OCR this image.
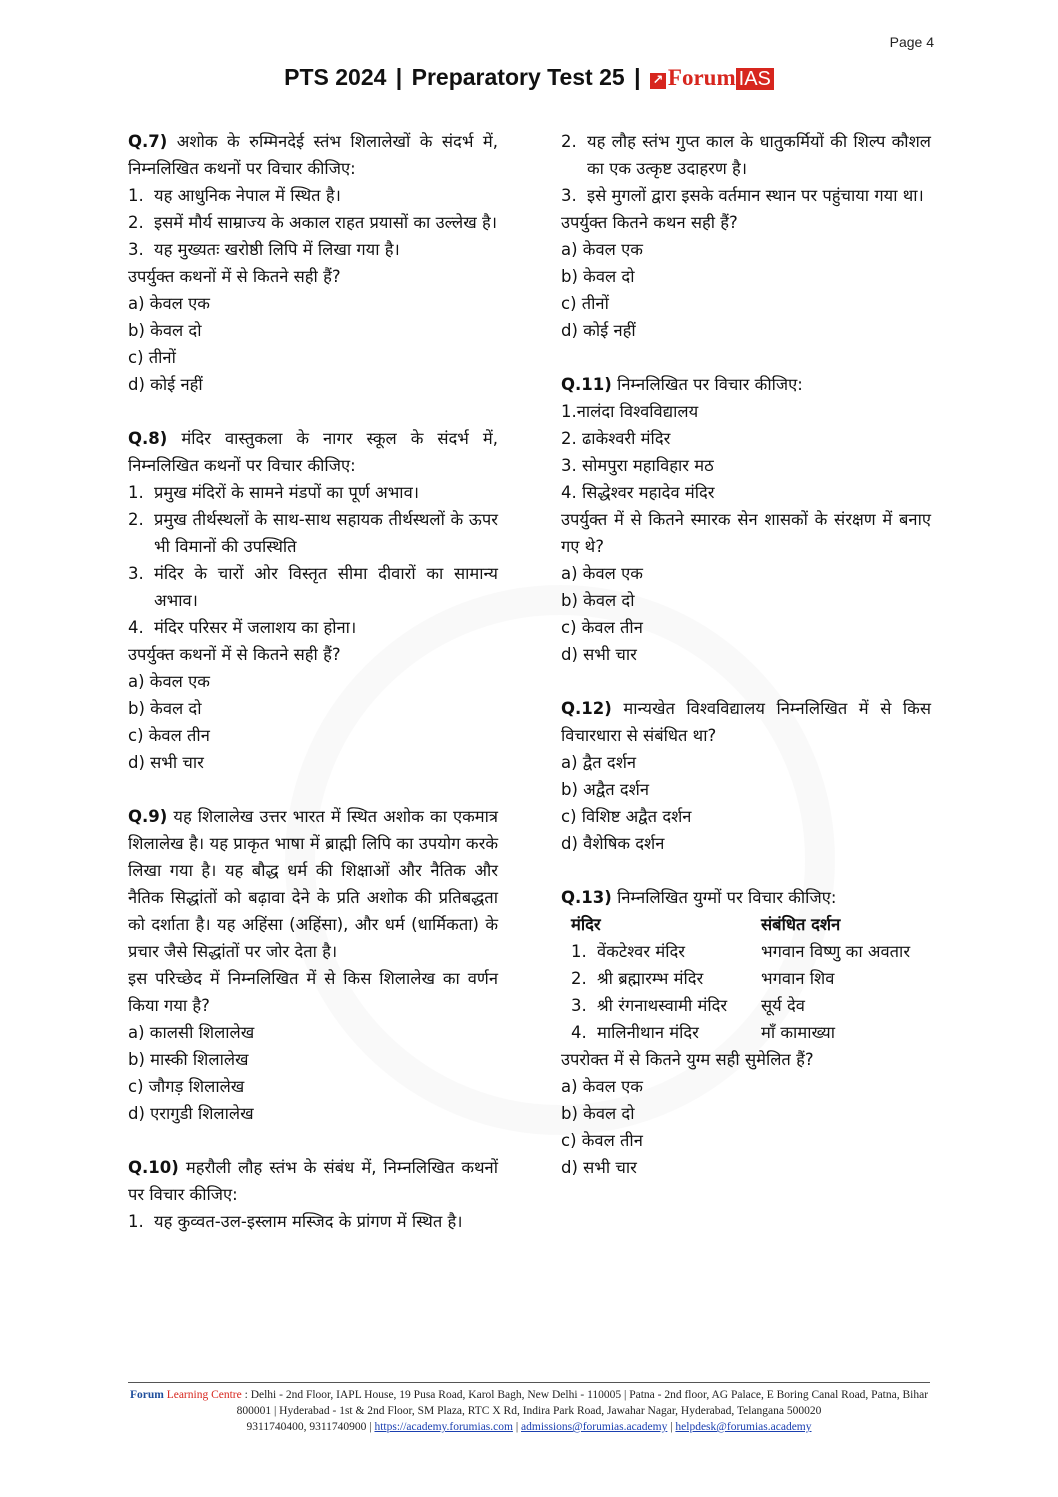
Page 4
PTS 2024 | Preparatory Test 25 | ↗ Forum IAS

Q.7) अशोक के रुम्मिनदेई स्तंभ शिलालेखों के संदर्भ में, निम्नलिखित कथनों पर विचार कीजिए:

1. यह आधुनिक नेपाल में स्थित है।
2. इसमें मौर्य साम्राज्य के अकाल राहत प्रयासों का उल्लेख है।
3. यह मुख्यतः खरोष्ठी लिपि में लिखा गया है।

उपर्युक्त कथनों में से कितने सही हैं?

a) केवल एक

b) केवल दो

c) तीनों

d) कोई नहीं

Q.8) मंदिर वास्तुकला के नागर स्कूल के संदर्भ में, निम्नलिखित कथनों पर विचार कीजिए:

1. प्रमुख मंदिरों के सामने मंडपों का पूर्ण अभाव।
2. प्रमुख तीर्थस्थलों के साथ-साथ सहायक तीर्थस्थलों के ऊपर भी विमानों की उपस्थिति
3. मंदिर के चारों ओर विस्तृत सीमा दीवारों का सामान्य अभाव।
4. मंदिर परिसर में जलाशय का होना।

उपर्युक्त कथनों में से कितने सही हैं?

a) केवल एक

b) केवल दो

c) केवल तीन

d) सभी चार

Q.9) यह शिलालेख उत्तर भारत में स्थित अशोक का एकमात्र शिलालेख है। यह प्राकृत भाषा में ब्राह्मी लिपि का उपयोग करके लिखा गया है। यह बौद्ध धर्म की शिक्षाओं और नैतिक और नैतिक सिद्धांतों को बढ़ावा देने के प्रति अशोक की प्रतिबद्धता को दर्शाता है। यह अहिंसा (अहिंसा), और धर्म (धार्मिकता) के प्रचार जैसे सिद्धांतों पर जोर देता है।

इस परिच्छेद में निम्नलिखित में से किस शिलालेख का वर्णन किया गया है?

a) कालसी शिलालेख

b) मास्की शिलालेख

c) जौगड़ शिलालेख

d) एरागुडी शिलालेख

Q.10) महरौली लौह स्तंभ के संबंध में, निम्नलिखित कथनों पर विचार कीजिए:

1. यह कुव्वत-उल-इस्लाम मस्जिद के प्रांगण में स्थित है।
2. यह लौह स्तंभ गुप्त काल के धातुकर्मियों की शिल्प कौशल का एक उत्कृष्ट उदाहरण है।
3. इसे मुगलों द्वारा इसके वर्तमान स्थान पर पहुंचाया गया था।

उपर्युक्त कितने कथन सही हैं?

a) केवल एक

b) केवल दो

c) तीनों

d) कोई नहीं

Q.11) निम्नलिखित पर विचार कीजिए:

1.नालंदा विश्वविद्यालय

2. ढाकेश्वरी मंदिर

3. सोमपुरा महाविहार मठ

4. सिद्धेश्वर महादेव मंदिर

उपर्युक्त में से कितने स्मारक सेन शासकों के संरक्षण में बनाए गए थे?

a) केवल एक

b) केवल दो

c) केवल तीन

d) सभी चार

Q.12) मान्यखेत विश्वविद्यालय निम्नलिखित में से किस विचारधारा से संबंधित था?

a) द्वैत दर्शन

b) अद्वैत दर्शन

c) विशिष्ट अद्वैत दर्शन

d) वैशेषिक दर्शन

Q.13) निम्नलिखित युग्मों पर विचार कीजिए:

मंदिर		संबंधित दर्शन
1.	वेंकटेश्वर मंदिर	भगवान विष्णु का अवतार
2.	श्री ब्रह्मारम्भ मंदिर	भगवान शिव
3.	श्री रंगनाथस्वामी मंदिर	सूर्य देव
4.	मालिनीथान मंदिर	माँ कामाख्या

उपरोक्त में से कितने युग्म सही सुमेलित हैं?

a) केवल एक

b) केवल दो

c) केवल तीन

d) सभी चार

Forum Learning Centre : Delhi - 2nd Floor, IAPL House, 19 Pusa Road, Karol Bagh, New Delhi - 110005 | Patna - 2nd floor, AG Palace, E Boring Canal Road, Patna, Bihar 800001 | Hyderabad - 1st & 2nd Floor, SM Plaza, RTC X Rd, Indira Park Road, Jawahar Nagar, Hyderabad, Telangana 500020
9311740400, 9311740900 | https://academy.forumias.com | admissions@forumias.academy | helpdesk@forumias.academy
